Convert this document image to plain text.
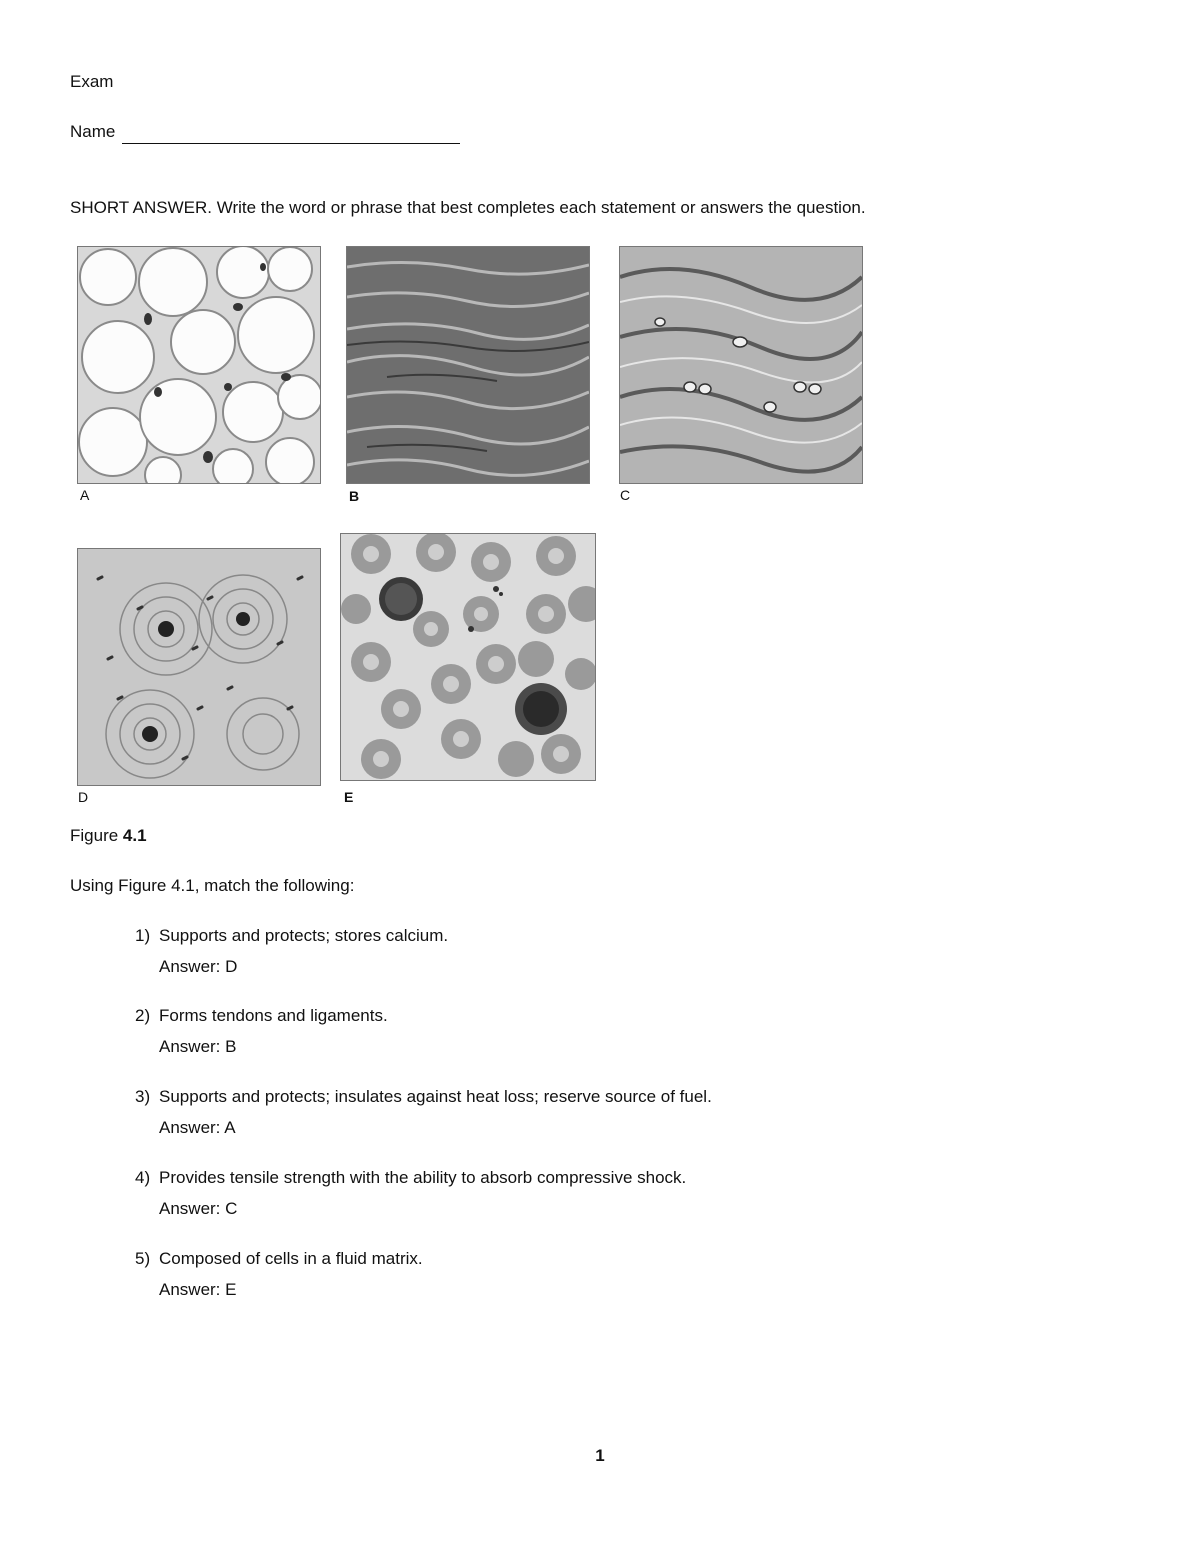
Exam
Name
SHORT ANSWER. Write the word or phrase that best completes each statement or answers the question.
A	B	C
D	E
Figure 4.1
Using Figure 4.1, match the following:
1) Supports and protects; stores calcium.
Answer: D
2) Forms tendons and ligaments.
Answer: B
3) Supports and protects; insulates against heat loss; reserve source of fuel.
Answer: A
4) Provides tensile strength with the ability to absorb compressive shock.
Answer: C
5) Composed of cells in a fluid matrix.
Answer: E
1
